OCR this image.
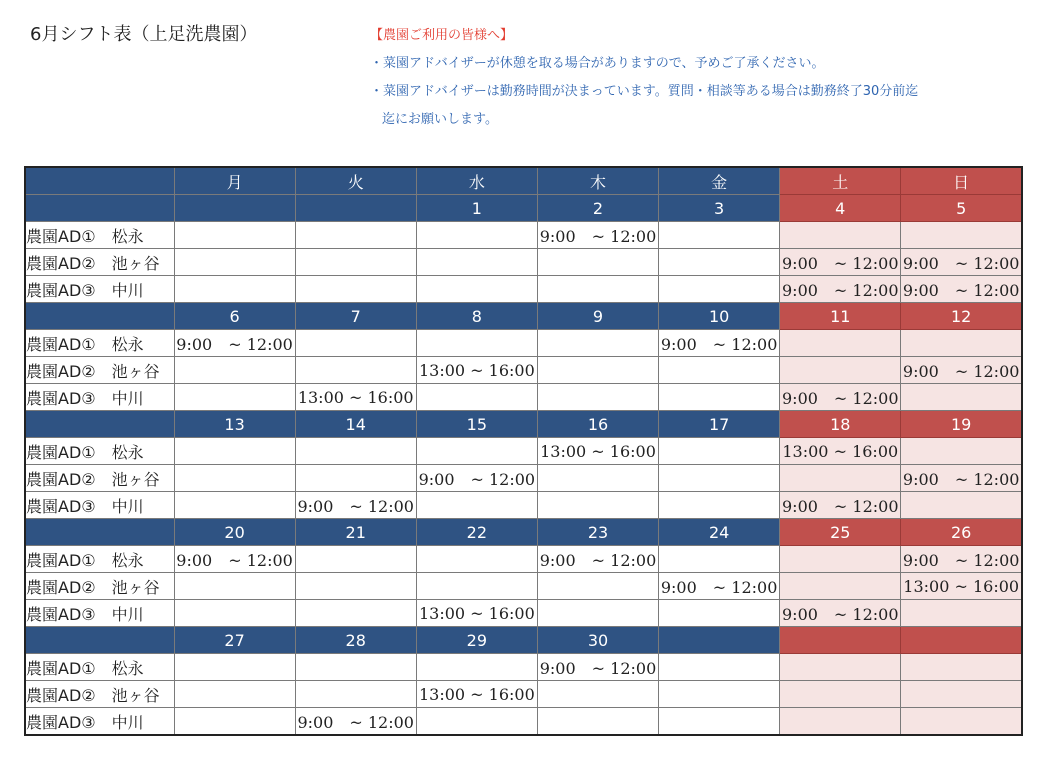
6月シフト表（上足洗農園）	【農園ご利用の皆様へ】
・菜園アドバイザーが休憩を取る場合がありますので、予めご了承ください。
・菜園アドバイザーは勤務時間が決まっています。質問・相談等ある場合は勤務終了30分前迄
迄にお願いします。
	月	火	水	木	金	土	日
			1	2	3	4	5
農園AD①　松永				9:00　~ 12:00			
農園AD②　池ヶ谷						9:00　~ 12:00	9:00　~ 12:00
農園AD③　中川						9:00　~ 12:00	9:00　~ 12:00
	6	7	8	9	10	11	12
農園AD①　松永	9:00　~ 12:00				9:00　~ 12:00		
農園AD②　池ヶ谷			13:00 ~ 16:00				9:00　~ 12:00
農園AD③　中川		13:00 ~ 16:00				9:00　~ 12:00	
	13	14	15	16	17	18	19
農園AD①　松永				13:00 ~ 16:00		13:00 ~ 16:00	
農園AD②　池ヶ谷			9:00　~ 12:00				9:00　~ 12:00
農園AD③　中川		9:00　~ 12:00				9:00　~ 12:00	
	20	21	22	23	24	25	26
農園AD①　松永	9:00　~ 12:00			9:00　~ 12:00			9:00　~ 12:00
農園AD②　池ヶ谷					9:00　~ 12:00		13:00 ~ 16:00
農園AD③　中川			13:00 ~ 16:00			9:00　~ 12:00	
	27	28	29	30			
農園AD①　松永				9:00　~ 12:00			
農園AD②　池ヶ谷			13:00 ~ 16:00				
農園AD③　中川		9:00　~ 12:00					
